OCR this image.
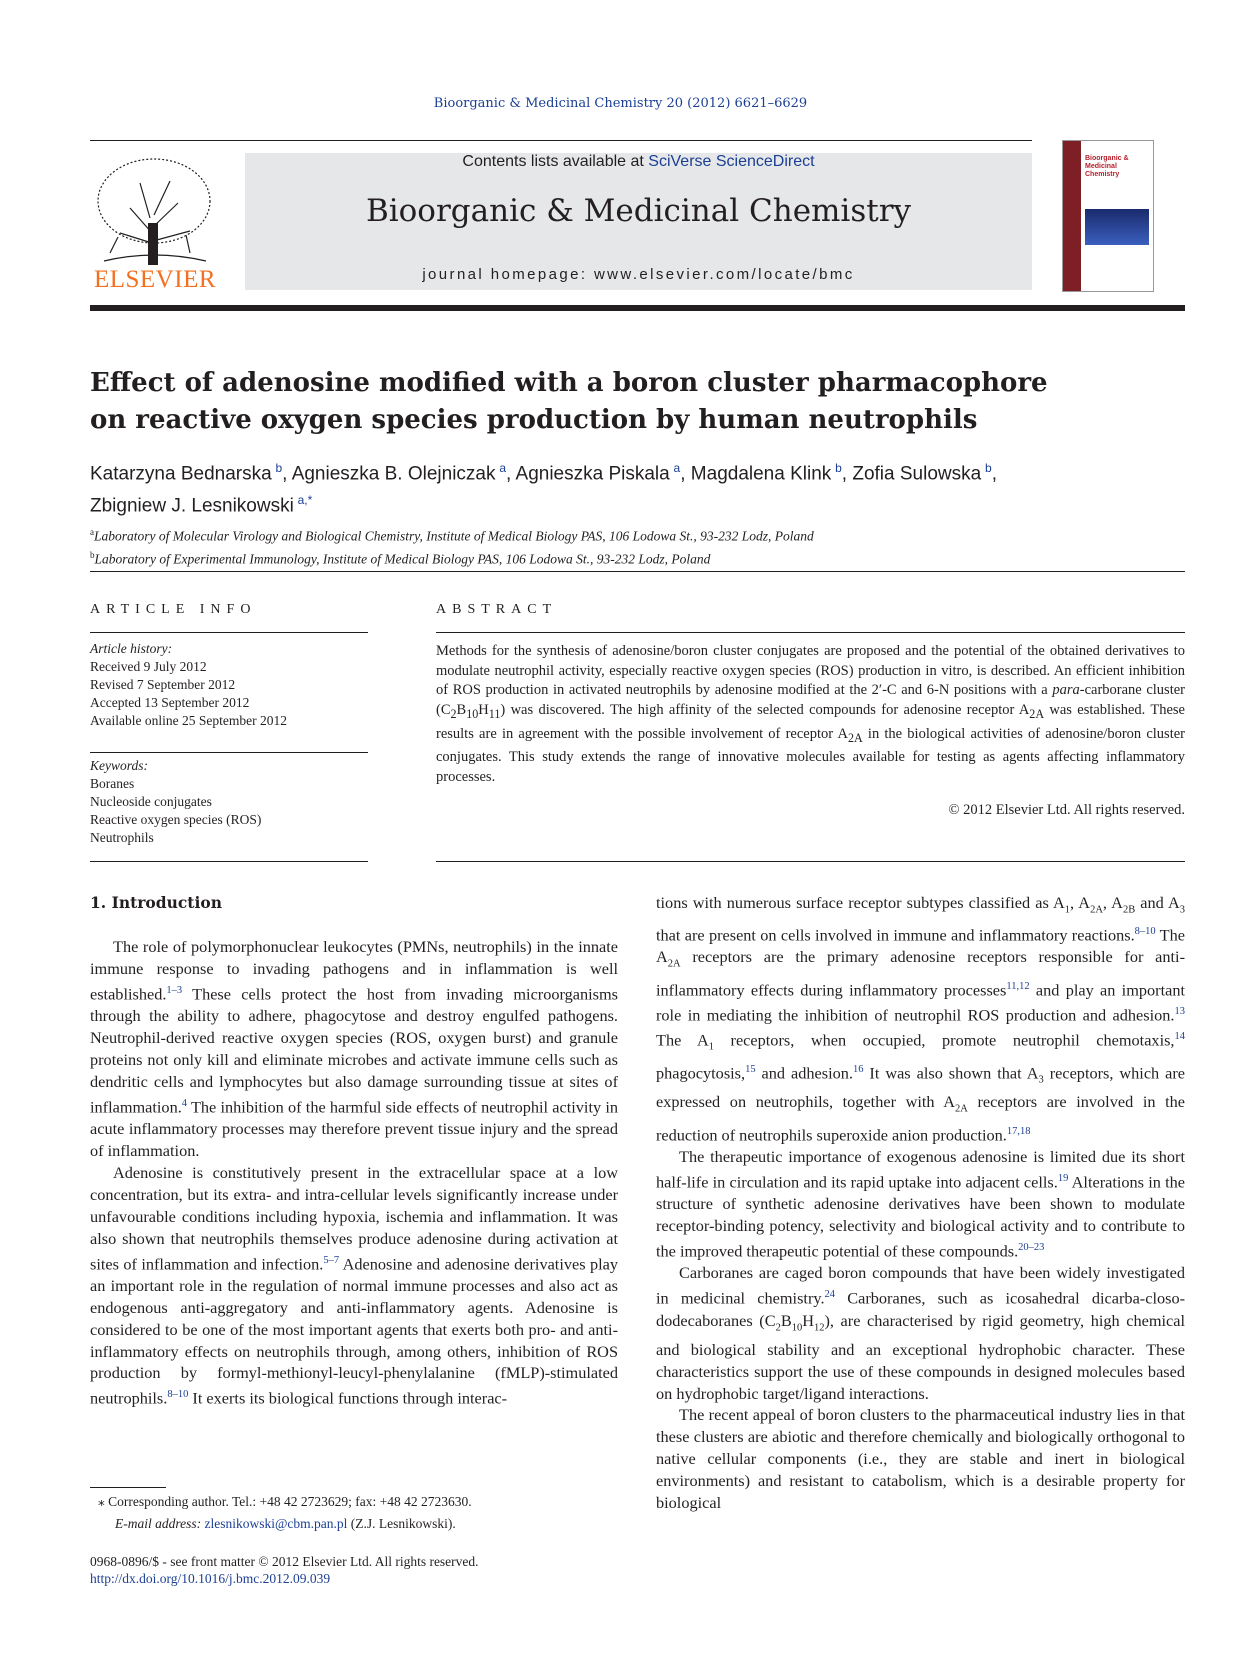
Bioorganic & Medicinal Chemistry 20 (2012) 6621–6629
ELSEVIER
Contents lists available at SciVerse ScienceDirect
Bioorganic & Medicinal Chemistry
journal homepage: www.elsevier.com/locate/bmc
Bioorganic & Medicinal Chemistry
Effect of adenosine modified with a boron cluster pharmacophore
on reactive oxygen species production by human neutrophils
Katarzyna Bednarska  $^b$, Agnieszka B. Olejniczak  $^a$, Agnieszka Piskala  $^a$, Magdalena Klink  $^b$, Zofia Sulowska  $^b$,
Zbigniew J. Lesnikowski  $^{a,*}$
$^a$Laboratory of Molecular Virology and Biological Chemistry, Institute of Medical Biology PAS, 106 Lodowa St., 93-232 Lodz, Poland
$^b$Laboratory of Experimental Immunology, Institute of Medical Biology PAS, 106 Lodowa St., 93-232 Lodz, Poland
ARTICLE INFO	ABSTRACT
Article history:
Received 9 July 2012
Revised 7 September 2012
Accepted 13 September 2012
Available online 25 September 2012
Keywords:
Boranes
Nucleoside conjugates
Reactive oxygen species (ROS)
Neutrophils
Methods for the synthesis of adenosine/boron cluster conjugates are proposed and the potential of the obtained derivatives to modulate neutrophil activity, especially reactive oxygen species (ROS) production in vitro, is described. An efficient inhibition of ROS production in activated neutrophils by adenosine modified at the 2′-C and 6-N positions with a para-carborane cluster $(C_2B_{10}H_{11})$ was discovered. The high affinity of the selected compounds for adenosine receptor $A_{2A}$ was established. These results are in agreement with the possible involvement of receptor $A_{2A}$ in the biological activities of adenosine/boron cluster conjugates. This study extends the range of innovative molecules available for testing as agents affecting inflammatory processes.
© 2012 Elsevier Ltd. All rights reserved.
1. Introduction

The role of polymorphonuclear leukocytes (PMNs, neutrophils) in the innate immune response to invading pathogens and in inflammation is well established.$^{1-3}$ These cells protect the host from invading microorganisms through the ability to adhere, phagocytose and destroy engulfed pathogens. Neutrophil-derived reactive oxygen species (ROS, oxygen burst) and granule proteins not only kill and eliminate microbes and activate immune cells such as dendritic cells and lymphocytes but also damage surrounding tissue at sites of inflammation.$^4$ The inhibition of the harmful side effects of neutrophil activity in acute inflammatory processes may therefore prevent tissue injury and the spread of inflammation.

Adenosine is constitutively present in the extracellular space at a low concentration, but its extra- and intra-cellular levels significantly increase under unfavourable conditions including hypoxia, ischemia and inflammation. It was also shown that neutrophils themselves produce adenosine during activation at sites of inflammation and infection.$^{5-7}$ Adenosine and adenosine derivatives play an important role in the regulation of normal immune processes and also act as endogenous anti-aggregatory and anti-inflammatory agents. Adenosine is considered to be one of the most important agents that exerts both pro- and anti-inflammatory effects on neutrophils through, among others, inhibition of ROS production by formyl-methionyl-leucyl-phenylalanine (fMLP)-stimulated neutrophils.$^{8-10}$ It exerts its biological functions through interac-

tions with numerous surface receptor subtypes classified as $A_1$, $A_{2A}$, $A_{2B}$ and $A_3$ that are present on cells involved in immune and inflammatory reactions.$^{8-10}$ The $A_{2A}$ receptors are the primary adenosine receptors responsible for anti-inflammatory effects during inflammatory processes$^{11,12}$ and play an important role in mediating the inhibition of neutrophil ROS production and adhesion.$^{13}$ The $A_1$ receptors, when occupied, promote neutrophil chemotaxis,$^{14}$ phagocytosis,$^{15}$ and adhesion.$^{16}$ It was also shown that $A_3$ receptors, which are expressed on neutrophils, together with $A_{2A}$ receptors are involved in the reduction of neutrophils superoxide anion production.$^{17,18}$

The therapeutic importance of exogenous adenosine is limited due its short half-life in circulation and its rapid uptake into adjacent cells.$^{19}$ Alterations in the structure of synthetic adenosine derivatives have been shown to modulate receptor-binding potency, selectivity and biological activity and to contribute to the improved therapeutic potential of these compounds.$^{20-23}$

Carboranes are caged boron compounds that have been widely investigated in medicinal chemistry.$^{24}$ Carboranes, such as icosahedral dicarba-closo-dodecaboranes $(C_2B_{10}H_{12})$, are characterised by rigid geometry, high chemical and biological stability and an exceptional hydrophobic character. These characteristics support the use of these compounds in designed molecules based on hydrophobic target/ligand interactions.

The recent appeal of boron clusters to the pharmaceutical industry lies in that these clusters are abiotic and therefore chemically and biologically orthogonal to native cellular components (i.e., they are stable and inert in biological environments) and resistant to catabolism, which is a desirable property for biological

⁎ Corresponding author. Tel.: +48 42 2723629; fax: +48 42 2723630.
E-mail address: zlesnikowski@cbm.pan.pl (Z.J. Lesnikowski).
0968-0896/$ - see front matter © 2012 Elsevier Ltd. All rights reserved.
http://dx.doi.org/10.1016/j.bmc.2012.09.039
